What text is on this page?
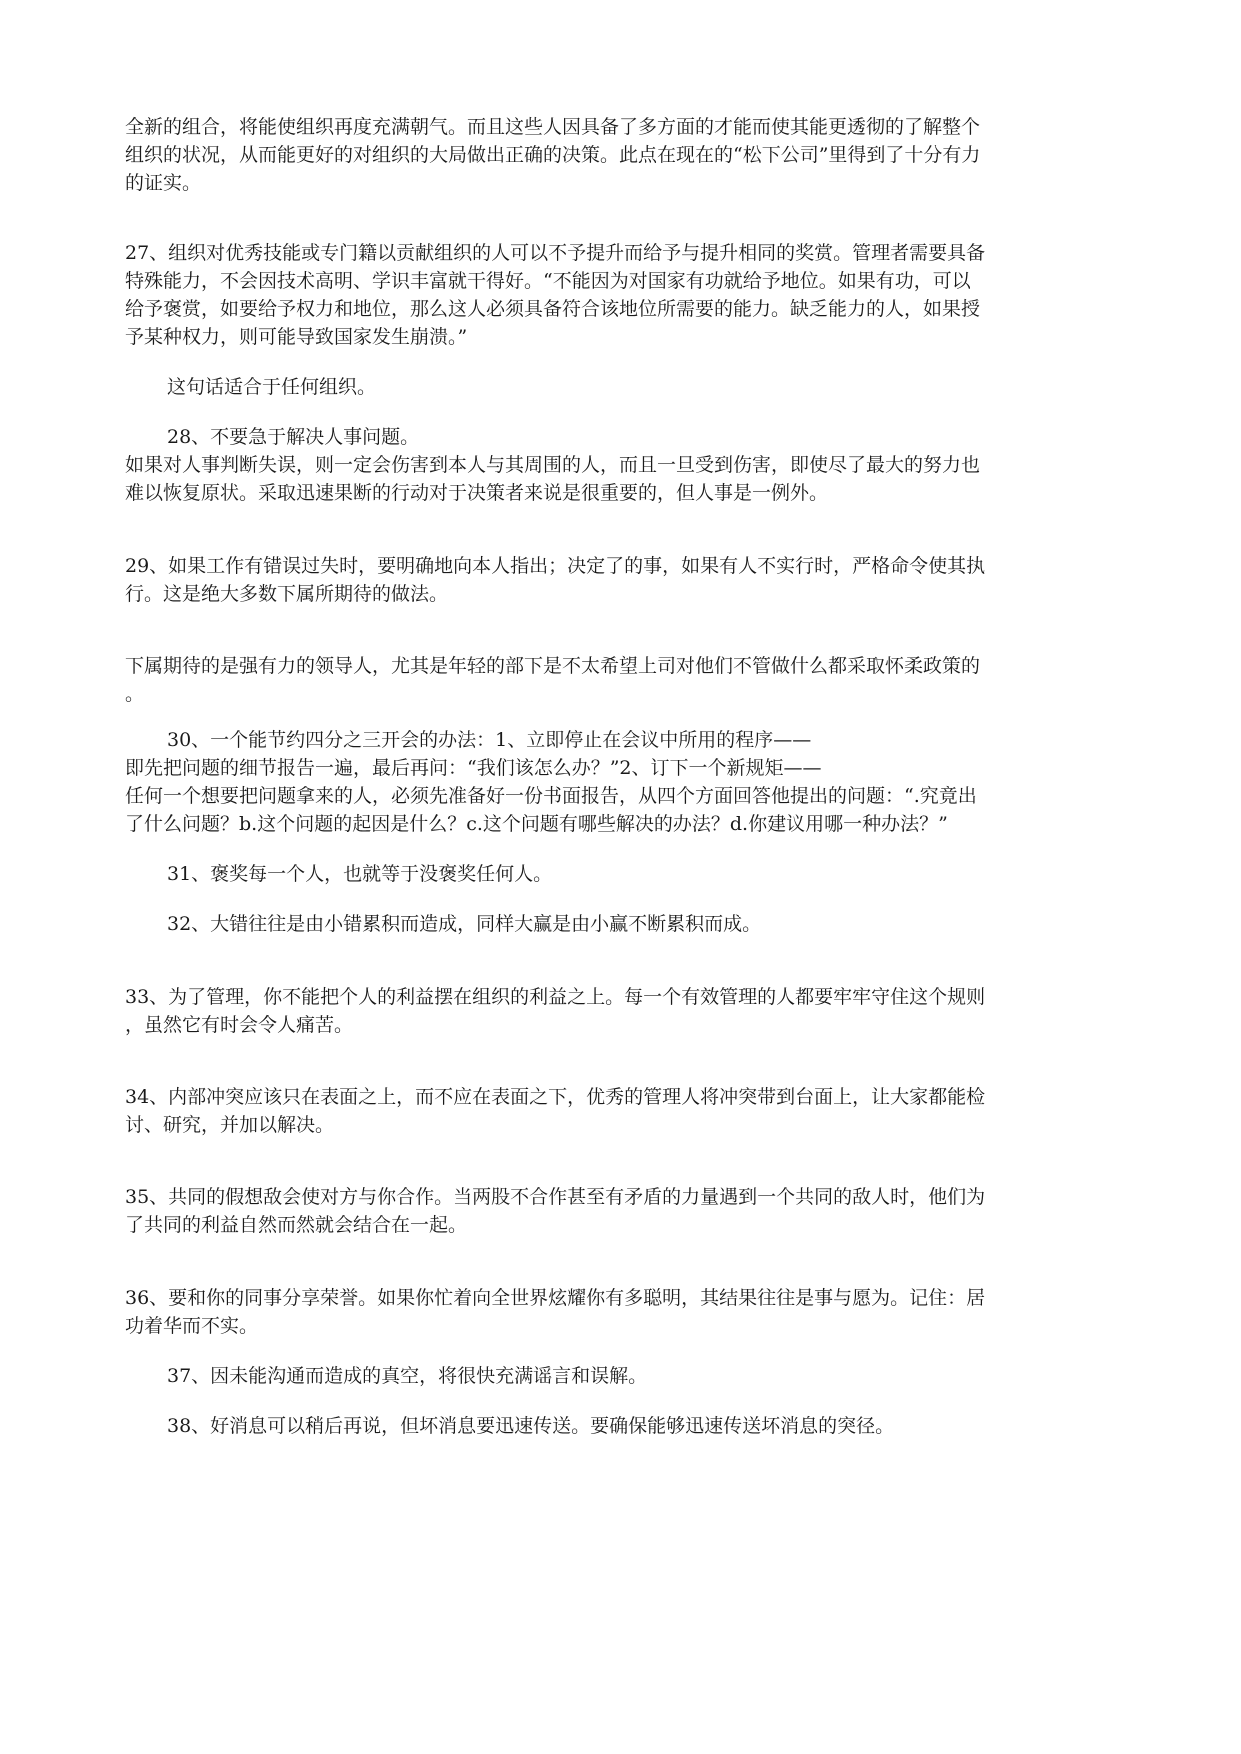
全新的组合，将能使组织再度充满朝气。而且这些人因具备了多方面的才能而使其能更透彻的了解整个
组织的状况，从而能更好的对组织的大局做出正确的决策。此点在现在的“松下公司”里得到了十分有力
的证实。
27、组织对优秀技能或专门籍以贡献组织的人可以不予提升而给予与提升相同的奖赏。管理者需要具备
特殊能力，不会因技术高明、学识丰富就干得好。“不能因为对国家有功就给予地位。如果有功，可以
给予褒赏，如要给予权力和地位，那么这人必须具备符合该地位所需要的能力。缺乏能力的人，如果授
予某种权力，则可能导致国家发生崩溃。”
这句话适合于任何组织。
28、不要急于解决人事问题。
如果对人事判断失误，则一定会伤害到本人与其周围的人，而且一旦受到伤害，即使尽了最大的努力也
难以恢复原状。采取迅速果断的行动对于决策者来说是很重要的，但人事是一例外。
29、如果工作有错误过失时，要明确地向本人指出；决定了的事，如果有人不实行时，严格命令使其执
行。这是绝大多数下属所期待的做法。
下属期待的是强有力的领导人，尤其是年轻的部下是不太希望上司对他们不管做什么都采取怀柔政策的
。
30、一个能节约四分之三开会的办法：1、立即停止在会议中所用的程序——
即先把问题的细节报告一遍，最后再问：“我们该怎么办？”2、订下一个新规矩——
任何一个想要把问题拿来的人，必须先准备好一份书面报告，从四个方面回答他提出的问题：“.究竟出
了什么问题？b.这个问题的起因是什么？c.这个问题有哪些解决的办法？d.你建议用哪一种办法？”
31、褒奖每一个人，也就等于没褒奖任何人。
32、大错往往是由小错累积而造成，同样大赢是由小赢不断累积而成。
33、为了管理，你不能把个人的利益摆在组织的利益之上。每一个有效管理的人都要牢牢守住这个规则
，虽然它有时会令人痛苦。
34、内部冲突应该只在表面之上，而不应在表面之下，优秀的管理人将冲突带到台面上，让大家都能检
讨、研究，并加以解决。
35、共同的假想敌会使对方与你合作。当两股不合作甚至有矛盾的力量遇到一个共同的敌人时，他们为
了共同的利益自然而然就会结合在一起。
36、要和你的同事分享荣誉。如果你忙着向全世界炫耀你有多聪明，其结果往往是事与愿为。记住：居
功着华而不实。
37、因未能沟通而造成的真空，将很快充满谣言和误解。
38、好消息可以稍后再说，但坏消息要迅速传送。要确保能够迅速传送坏消息的突径。
